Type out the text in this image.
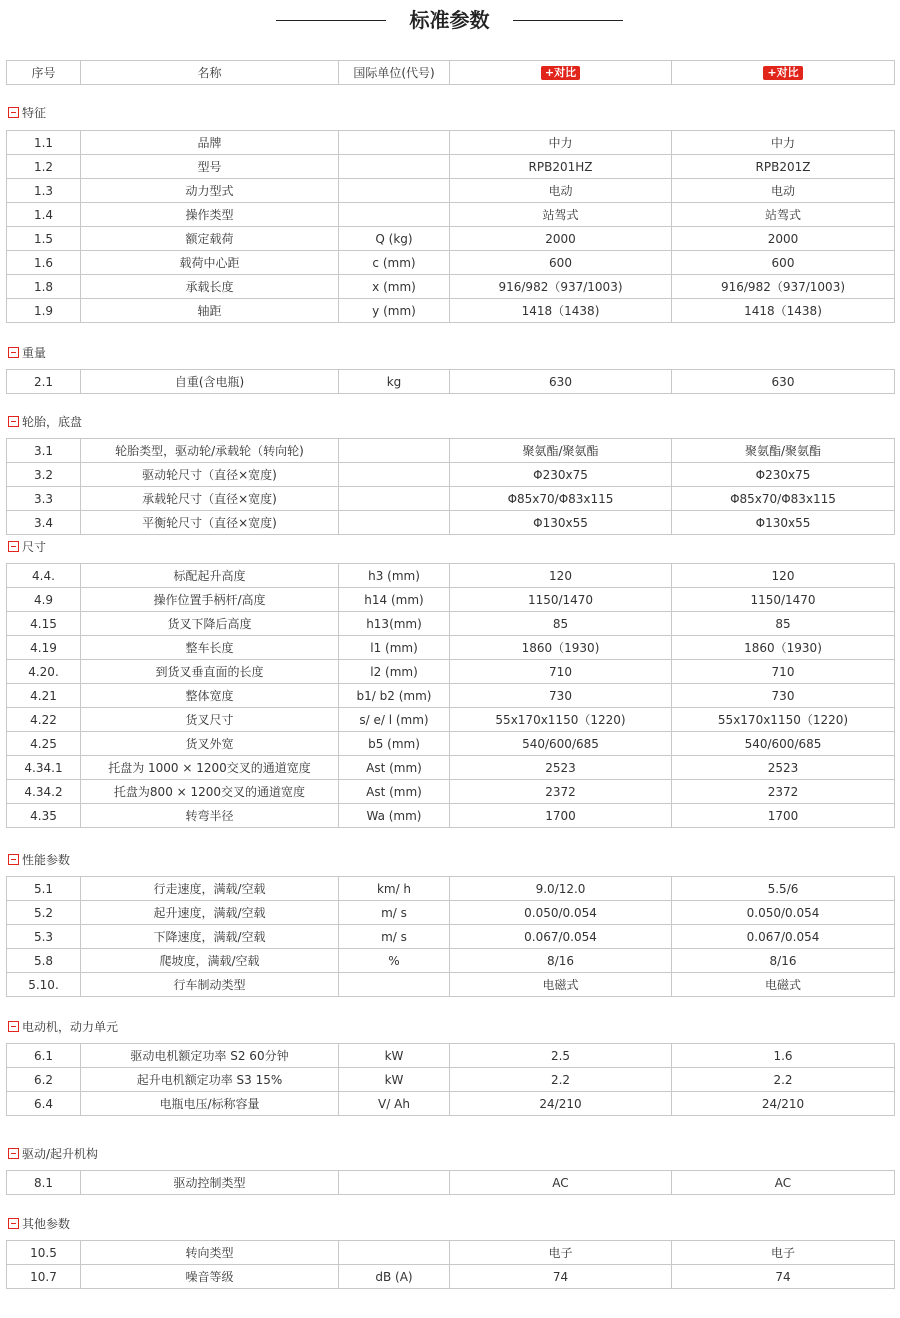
标准参数
序号	名称	国际单位(代号)	+对比	+对比
特征
1.1	品牌		中力	中力
1.2	型号		RPB201HZ	RPB201Z
1.3	动力型式		电动	电动
1.4	操作类型		站驾式	站驾式
1.5	额定载荷	Q (kg)	2000	2000
1.6	载荷中心距	c (mm)	600	600
1.8	承载长度	x (mm)	916/982（937/1003)	916/982（937/1003)
1.9	轴距	y (mm)	1418（1438)	1418（1438)
重量
2.1	自重(含电瓶)	kg	630	630
轮胎，底盘
3.1	轮胎类型，驱动轮/承载轮（转向轮)		聚氨酯/聚氨酯	聚氨酯/聚氨酯
3.2	驱动轮尺寸（直径×宽度)		Φ230x75	Φ230x75
3.3	承载轮尺寸（直径×宽度)		Φ85x70/Φ83x115	Φ85x70/Φ83x115
3.4	平衡轮尺寸（直径×宽度)		Φ130x55	Φ130x55
尺寸
4.4.	标配起升高度	h3 (mm)	120	120
4.9	操作位置手柄杆/高度	h14 (mm)	1150/1470	1150/1470
4.15	货叉下降后高度	h13(mm)	85	85
4.19	整车长度	l1 (mm)	1860（1930)	1860（1930)
4.20.	到货叉垂直面的长度	l2 (mm)	710	710
4.21	整体宽度	b1/ b2 (mm)	730	730
4.22	货叉尺寸	s/ e/ l (mm)	55x170x1150（1220)	55x170x1150（1220)
4.25	货叉外宽	b5 (mm)	540/600/685	540/600/685
4.34.1	托盘为 1000 × 1200交叉的通道宽度	Ast (mm)	2523	2523
4.34.2	托盘为800 × 1200交叉的通道宽度	Ast (mm)	2372	2372
4.35	转弯半径	Wa (mm)	1700	1700
性能参数
5.1	行走速度，满载/空载	km/ h	9.0/12.0	5.5/6
5.2	起升速度，满载/空载	m/ s	0.050/0.054	0.050/0.054
5.3	下降速度，满载/空载	m/ s	0.067/0.054	0.067/0.054
5.8	爬坡度，满载/空载	%	8/16	8/16
5.10.	行车制动类型		电磁式	电磁式
电动机，动力单元
6.1	驱动电机额定功率 S2 60分钟	kW	2.5	1.6
6.2	起升电机额定功率 S3 15%	kW	2.2	2.2
6.4	电瓶电压/标称容量	V/ Ah	24/210	24/210
驱动/起升机构
8.1	驱动控制类型		AC	AC
其他参数
10.5	转向类型		电子	电子
10.7	噪音等级	dB (A)	74	74
